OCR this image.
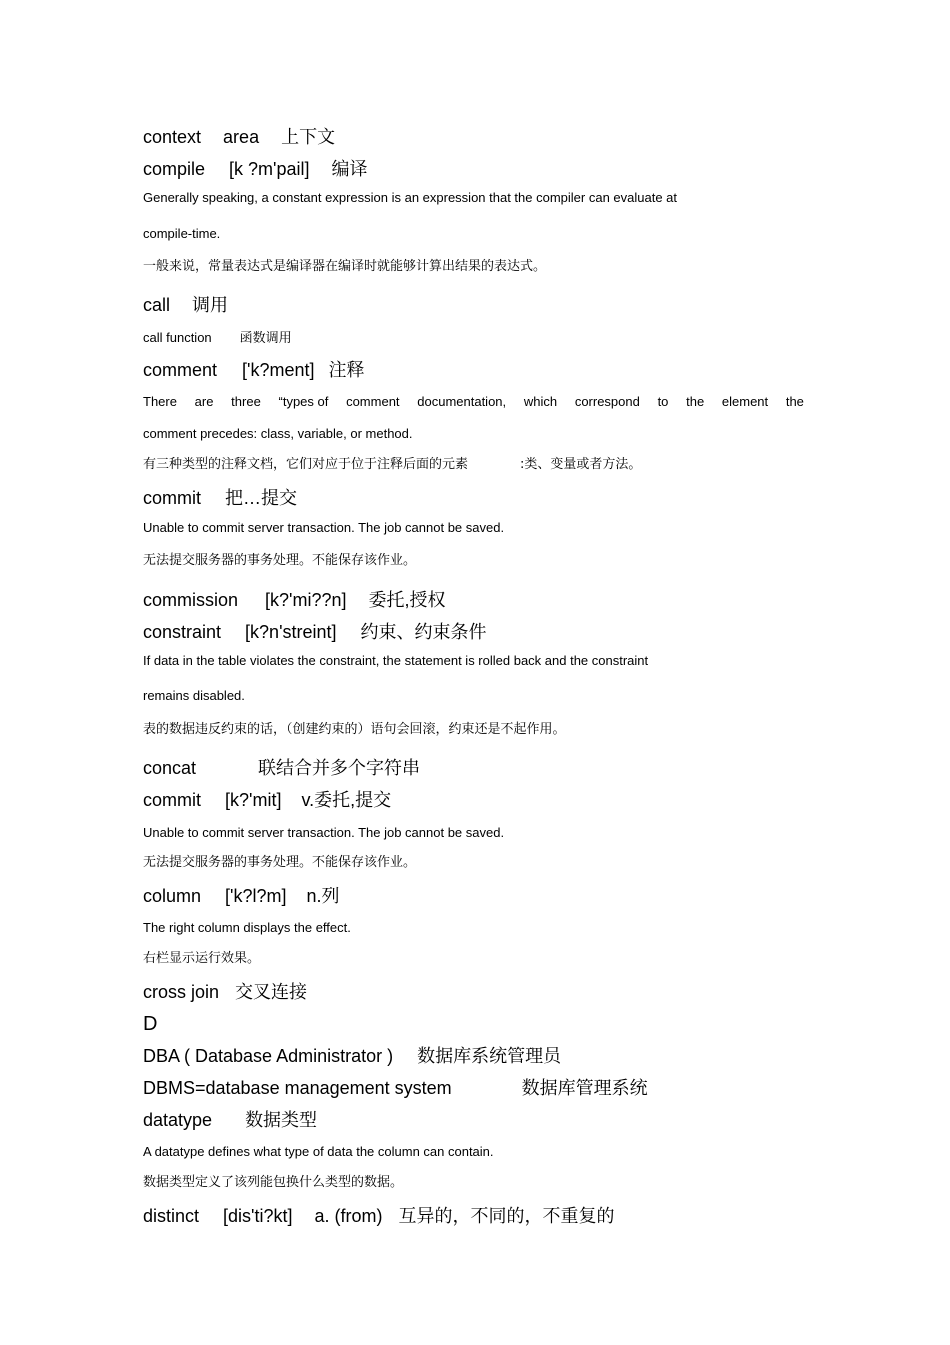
context area 上下文
compile [k ?m'pail] 编译
Generally speaking, a constant expression is an expression that the compiler can evaluate at
compile-time.
一般来说，常量表达式是编译器在编译时就能够计算出结果的表达式。
call 调用
call function 函数调用
comment ['k?ment] 注释
There are three “types of comment documentation, which correspond to the element the
comment precedes: class, variable, or method.
有三种类型的注释文档，它们对应于位于注释后面的元素	:类、变量或者方法。
commit 把…提交
Unable to commit server transaction. The job cannot be saved.
无法提交服务器的事务处理。不能保存该作业。
commission [k?'mi??n] 委托,授权
constraint [k?n'streint] 约束、约束条件
If data in the table violates the constraint, the statement is rolled back and the constraint
remains disabled.
表的数据违反约束的话，（创建约束的）语句会回滚，约束还是不起作用。
concat	联结合并多个字符串
commit [k?'mit] v.委托,提交
Unable to commit server transaction. The job cannot be saved.
无法提交服务器的事务处理。不能保存该作业。
column ['k?l?m] n.列
The right column displays the effect.
右栏显示运行效果。
cross join 交叉连接
D
DBA ( Database Administrator ) 数据库系统管理员
DBMS=database management system	数据库管理系统
datatype 数据类型
A datatype defines what type of data the column can contain.
数据类型定义了该列能包换什么类型的数据。
distinct [dis'ti?kt] a. (from) 互异的，不同的，不重复的
